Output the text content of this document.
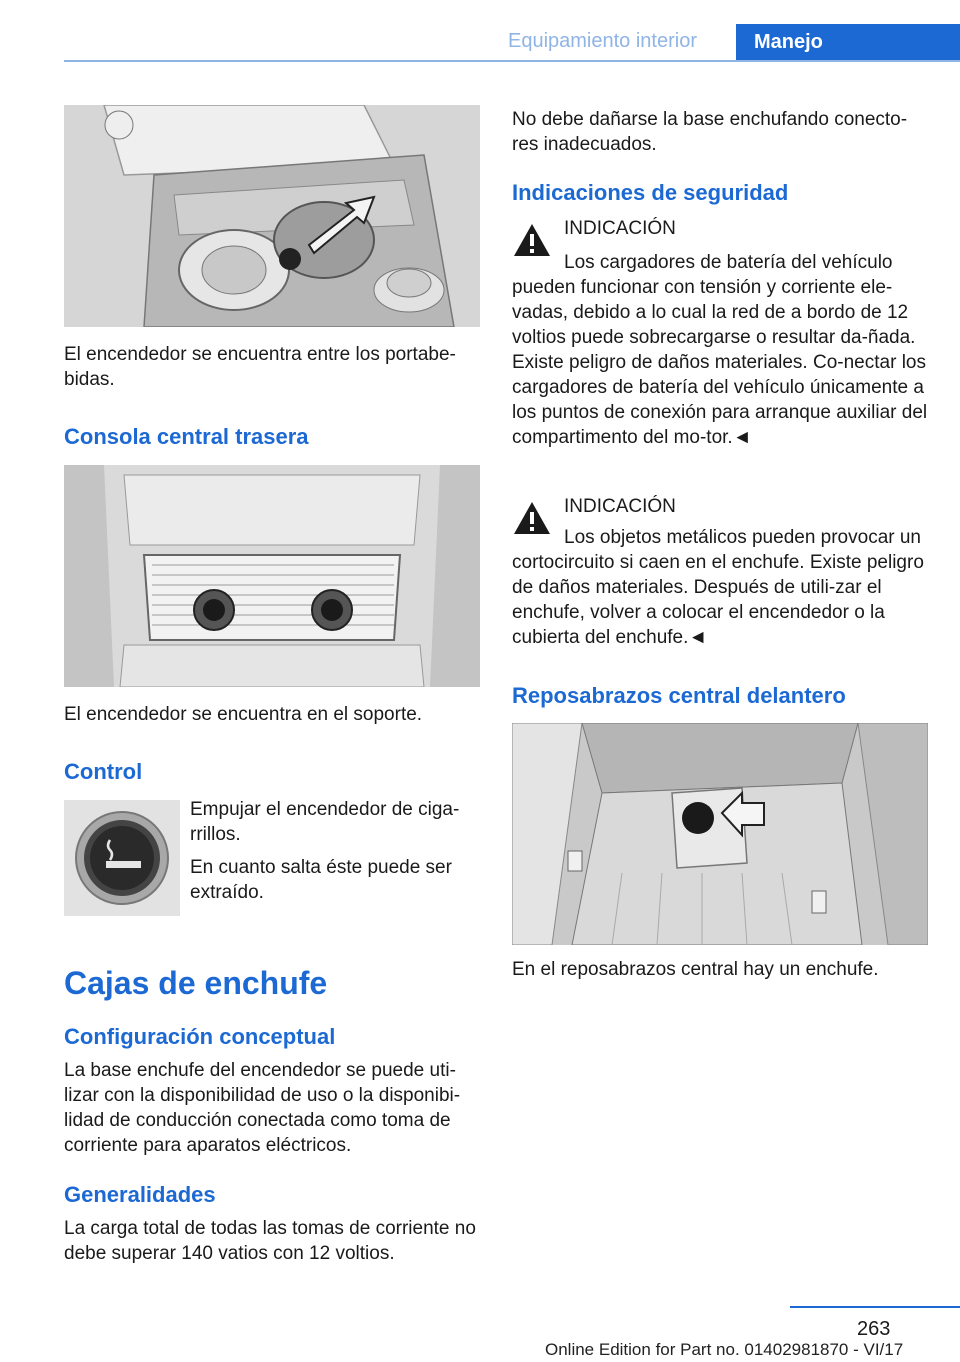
Equipamiento interior	Manejo

El encendedor se encuentra entre los portabe-bidas.

Consola central trasera

El encendedor se encuentra en el soporte.

Control

Empujar el encendedor de ciga-rrillos.

En cuanto salta éste puede ser extraído.

Cajas de enchufe
Configuración conceptual

La base enchufe del encendedor se puede uti-lizar con la disponibilidad de uso o la disponibi-lidad de conducción conectada como toma de corriente para aparatos eléctricos.

Generalidades

La carga total de todas las tomas de corriente no debe superar 140 vatios con 12 voltios.

No debe dañarse la base enchufando conecto-res inadecuados.

Indicaciones de seguridad
INDICACIÓN

Los cargadores de batería del vehículo pueden funcionar con tensión y corriente ele-vadas, debido a lo cual la red de a bordo de 12 voltios puede sobrecargarse o resultar da-ñada. Existe peligro de daños materiales. Co-nectar los cargadores de batería del vehículo únicamente a los puntos de conexión para arranque auxiliar del compartimento del mo-tor.◄

INDICACIÓN

Los objetos metálicos pueden provocar un cortocircuito si caen en el enchufe. Existe peligro de daños materiales. Después de utili-zar el enchufe, volver a colocar el encendedor o la cubierta del enchufe.◄

Reposabrazos central delantero

En el reposabrazos central hay un enchufe.

263
Online Edition for Part no. 01402981870 - VI/17
